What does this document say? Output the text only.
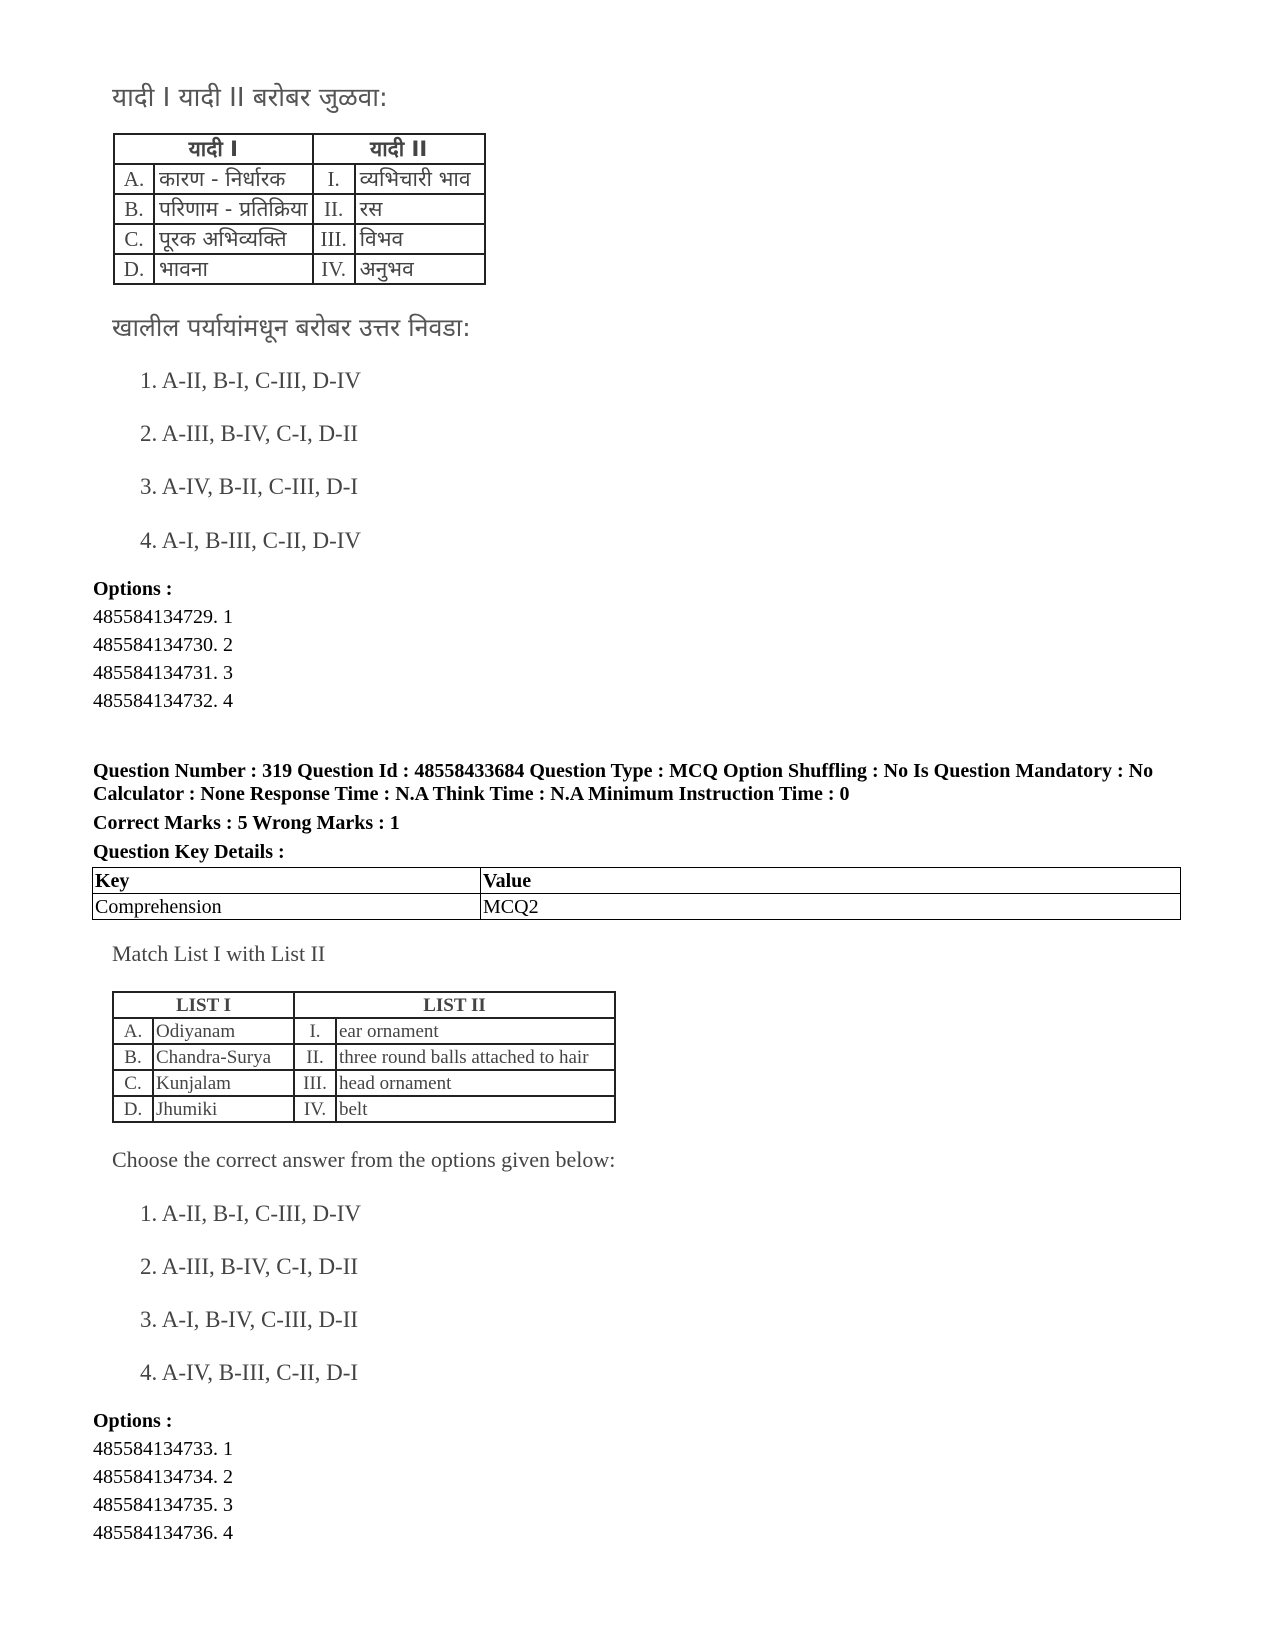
यादी I यादी II बरोबर जुळवा:
यादी I		यादी II	
A.	कारण - निर्धारक	I.	व्यभिचारी भाव
B.	परिणाम - प्रतिक्रिया	II.	रस
C.	पूरक अभिव्यक्ति	III.	विभव
D.	भावना	IV.	अनुभव
खालील पर्यायांमधून बरोबर उत्तर निवडा:
1. A-II, B-I, C-III, D-IV
2. A-III, B-IV, C-I, D-II
3. A-IV, B-II, C-III, D-I
4. A-I, B-III, C-II, D-IV
Options :
485584134729. 1
485584134730. 2
485584134731. 3
485584134732. 4
Question Number : 319 Question Id : 48558433684 Question Type : MCQ Option Shuffling : No Is Question Mandatory : No Calculator : None Response Time : N.A Think Time : N.A Minimum Instruction Time : 0
Correct Marks : 5 Wrong Marks : 1
Question Key Details :
Key	Value
Comprehension	MCQ2
Match List I with List II
LIST I		LIST II	
A.	Odiyanam	I.	ear ornament
B.	Chandra-Surya	II.	three round balls attached to hair
C.	Kunjalam	III.	head ornament
D.	Jhumiki	IV.	belt
Choose the correct answer from the options given below:
1. A-II, B-I, C-III, D-IV
2. A-III, B-IV, C-I, D-II
3. A-I, B-IV, C-III, D-II
4. A-IV, B-III, C-II, D-I
Options :
485584134733. 1
485584134734. 2
485584134735. 3
485584134736. 4
